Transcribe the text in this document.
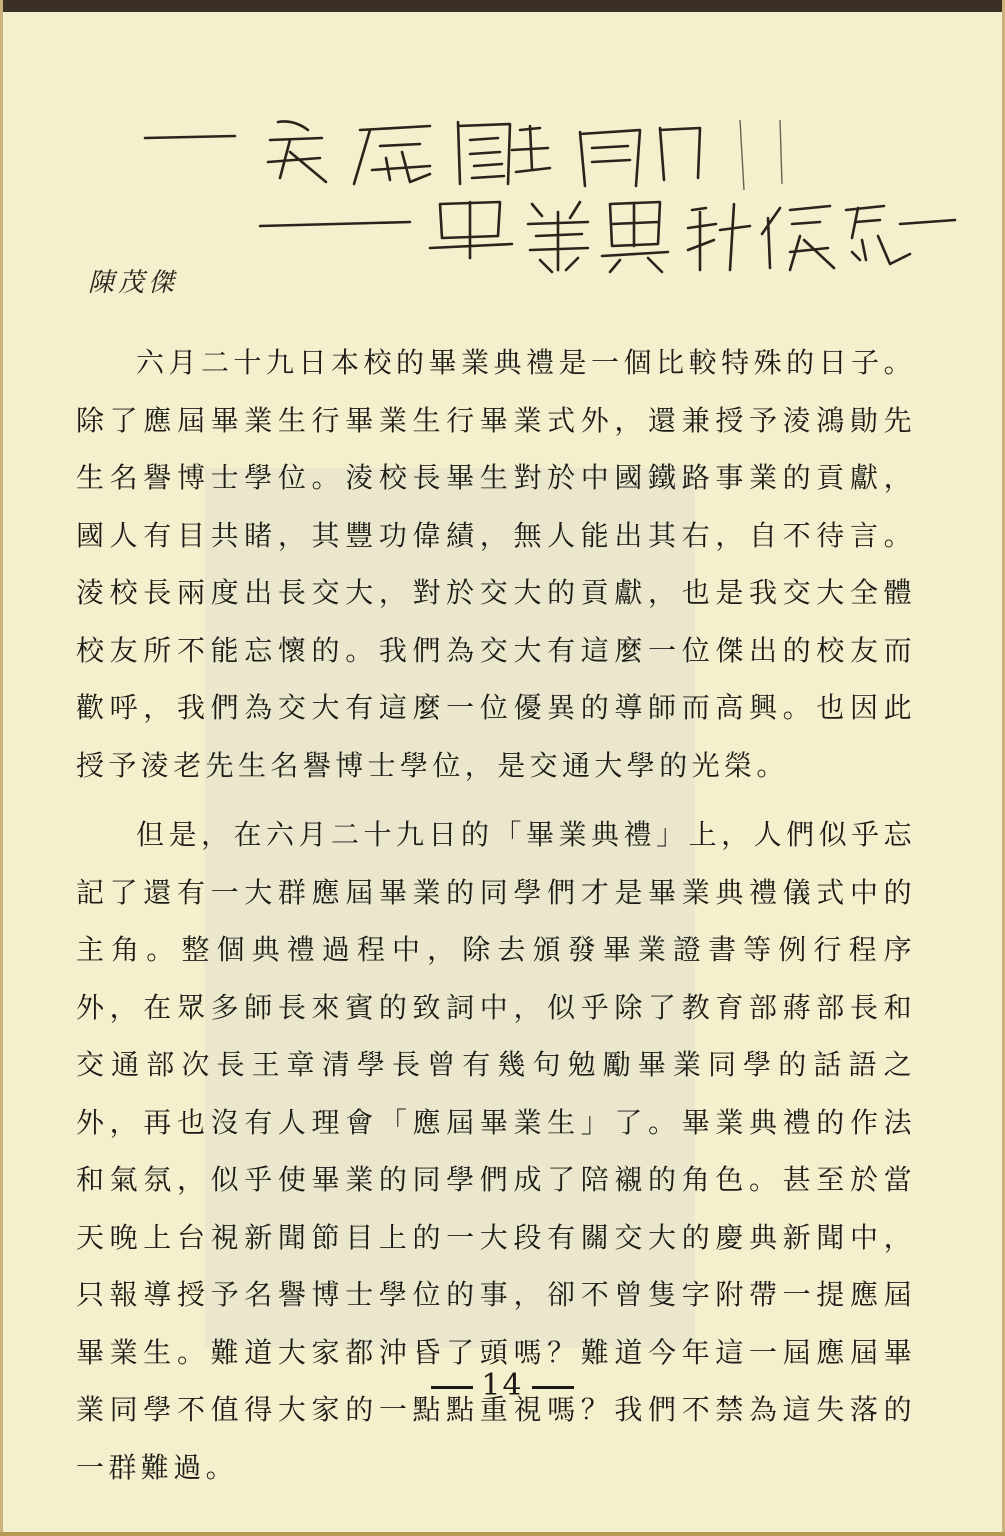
陳茂傑

六月二十九日本校的畢業典禮是一個比較特殊的日子。除了應屆畢業生行畢業生行畢業式外，還兼授予淩鴻勛先生名譽博士學位。淩校長畢生對於中國鐵路事業的貢獻，國人有目共睹，其豐功偉績，無人能出其右，自不待言。淩校長兩度出長交大，對於交大的貢獻，也是我交大全體校友所不能忘懷的。我們為交大有這麼一位傑出的校友而歡呼，我們為交大有這麼一位優異的導師而高興。也因此授予淩老先生名譽博士學位，是交通大學的光榮。

但是，在六月二十九日的「畢業典禮」上，人們似乎忘記了還有一大群應屆畢業的同學們才是畢業典禮儀式中的主角。整個典禮過程中，除去頒發畢業證書等例行程序外，在眾多師長來賓的致詞中，似乎除了教育部蔣部長和交通部次長王章清學長曾有幾句勉勵畢業同學的話語之外，再也沒有人理會「應屆畢業生」了。畢業典禮的作法和氣氛，似乎使畢業的同學們成了陪襯的角色。甚至於當天晚上台視新聞節目上的一大段有關交大的慶典新聞中，只報導授予名譽博士學位的事，卻不曾隻字附帶一提應屆畢業生。難道大家都沖昏了頭嗎？難道今年這一屆應屆畢業同學不值得大家的一點點重視嗎？我們不禁為這失落的一群難過。

14
